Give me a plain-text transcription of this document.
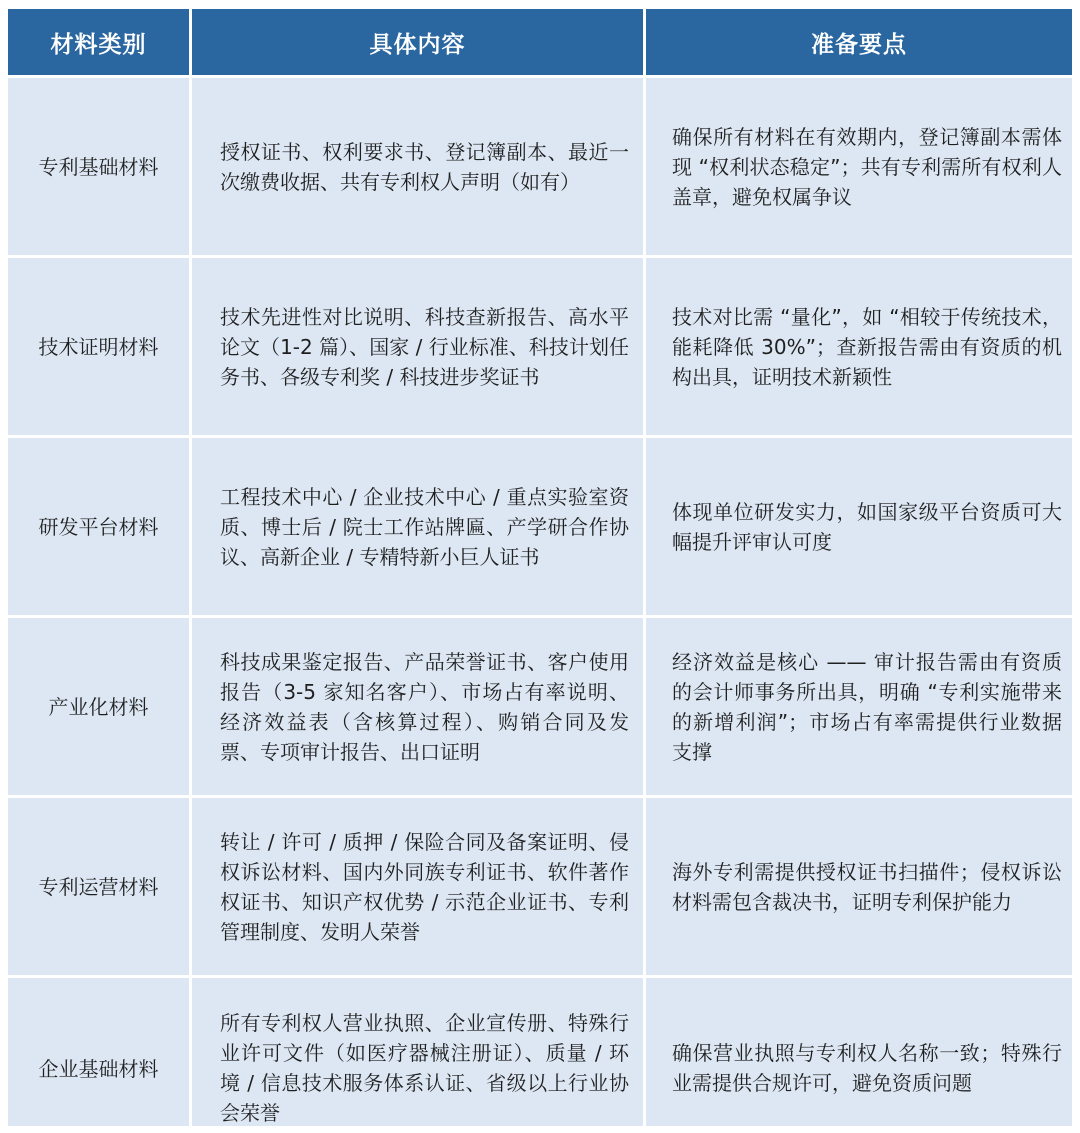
材料类别	具体内容	准备要点
专利基础材料
授权证书、权利要求书、登记簿副本、最近一次缴费收据、共有专利权人声明（如有）
确保所有材料在有效期内，登记簿副本需体现 “权利状态稳定”；共有专利需所有权利人盖章，避免权属争议
技术证明材料
技术先进性对比说明、科技查新报告、高水平论文（1-2 篇）、国家 / 行业标准、科技计划任务书、各级专利奖 / 科技进步奖证书
技术对比需 “量化”，如 “相较于传统技术，能耗降低 30%”；查新报告需由有资质的机构出具，证明技术新颖性
研发平台材料
工程技术中心 / 企业技术中心 / 重点实验室资质、博士后 / 院士工作站牌匾、产学研合作协议、高新企业 / 专精特新小巨人证书
体现单位研发实力，如国家级平台资质可大幅提升评审认可度
产业化材料
科技成果鉴定报告、产品荣誉证书、客户使用报告（3-5 家知名客户）、市场占有率说明、经济效益表（含核算过程）、购销合同及发票、专项审计报告、出口证明
经济效益是核心 —— 审计报告需由有资质的会计师事务所出具，明确 “专利实施带来的新增利润”；市场占有率需提供行业数据支撑
专利运营材料
转让 / 许可 / 质押 / 保险合同及备案证明、侵权诉讼材料、国内外同族专利证书、软件著作权证书、知识产权优势 / 示范企业证书、专利管理制度、发明人荣誉
海外专利需提供授权证书扫描件；侵权诉讼材料需包含裁决书，证明专利保护能力
企业基础材料
所有专利权人营业执照、企业宣传册、特殊行业许可文件（如医疗器械注册证）、质量 / 环境 / 信息技术服务体系认证、省级以上行业协会荣誉
确保营业执照与专利权人名称一致；特殊行业需提供合规许可，避免资质问题
